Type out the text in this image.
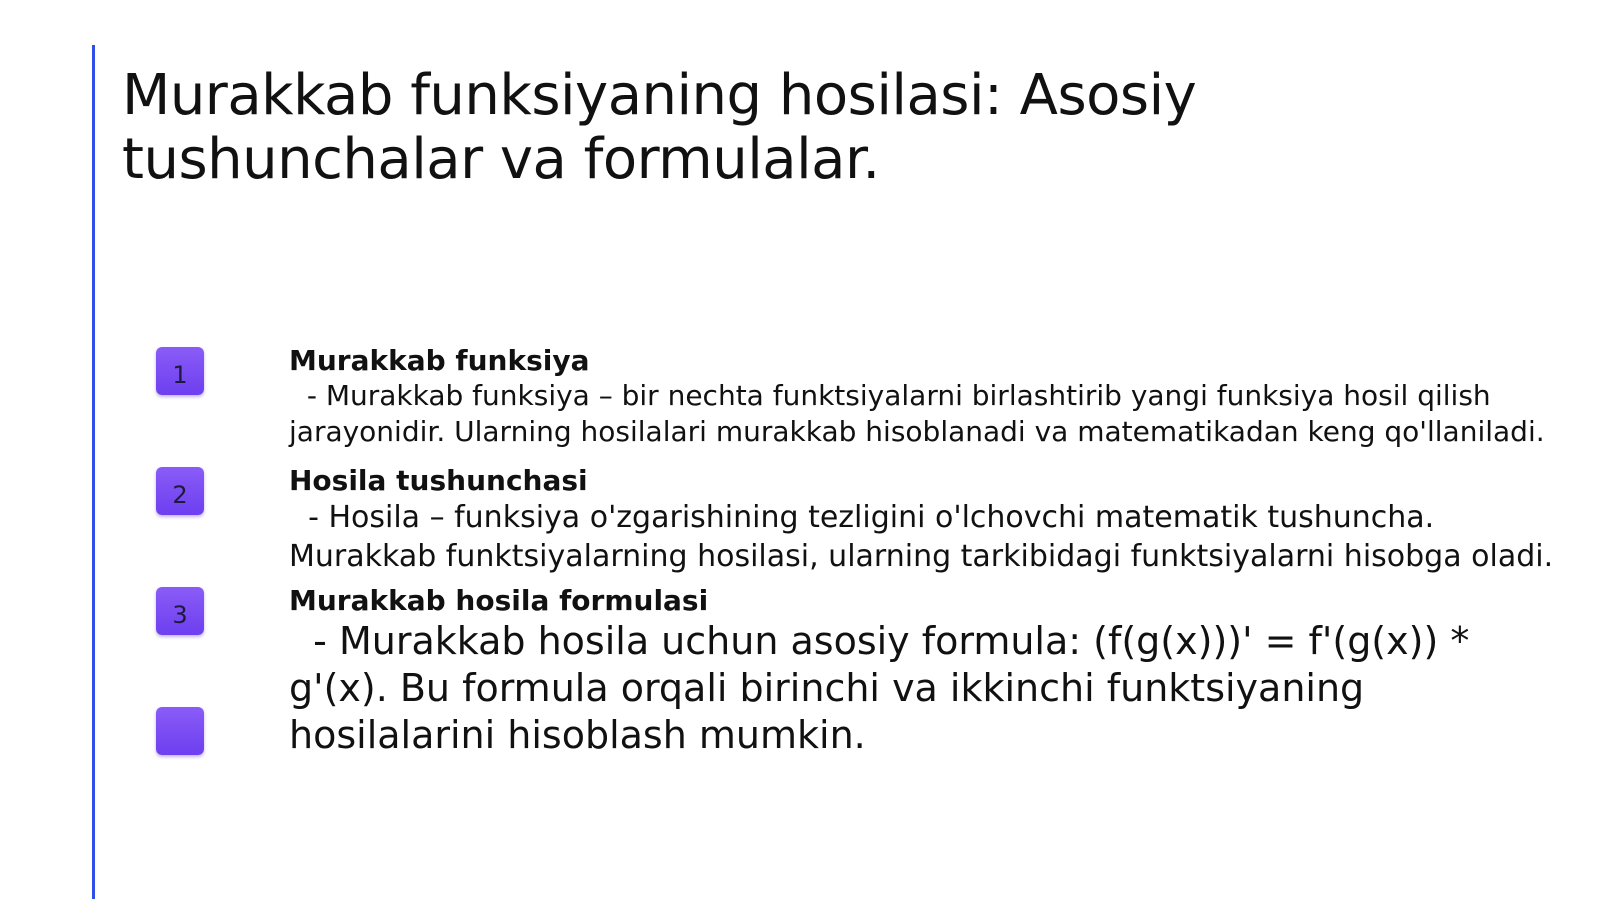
Murakkab funksiyaning hosilasi: Asosiy tushunchalar va formulalar.
1
2
3

Murakkab funksiya

- Murakkab funksiya – bir nechta funktsiyalarni birlashtirib yangi funksiya hosil qilish jarayonidir. Ularning hosilalari murakkab hisoblanadi va matematikadan keng qo'llaniladi.

Hosila tushunchasi

- Hosila – funksiya o'zgarishining tezligini o'lchovchi matematik tushuncha. Murakkab funktsiyalarning hosilasi, ularning tarkibidagi funktsiyalarni hisobga oladi.

Murakkab hosila formulasi

- Murakkab hosila uchun asosiy formula: (f(g(x)))' = f'(g(x)) * g'(x). Bu formula orqali birinchi va ikkinchi funktsiyaning hosilalarini hisoblash mumkin.
